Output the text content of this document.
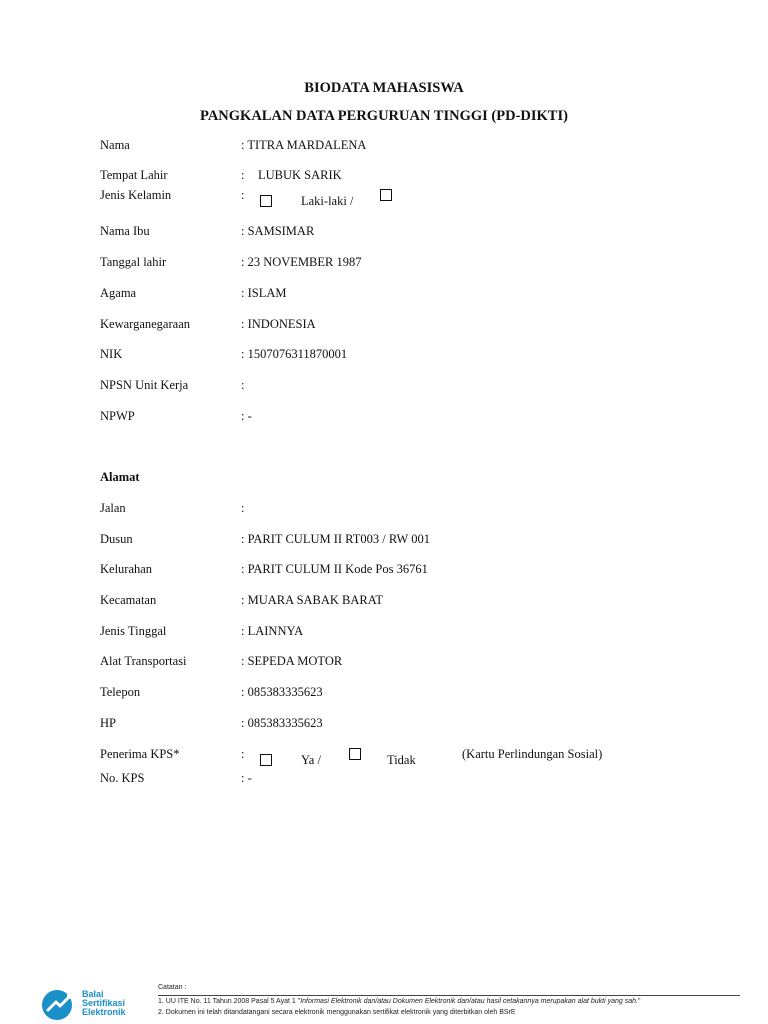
BIODATA MAHASISWA
PANGKALAN DATA PERGURUAN TINGGI (PD-DIKTI)
Nama	: TITRA MARDALENA
Tempat Lahir	: LUBUK SARIK
Jenis Kelamin	:	Laki-laki /
Nama Ibu	: SAMSIMAR
Tanggal lahir	: 23 NOVEMBER 1987
Agama	: ISLAM
Kewarganegaraan	: INDONESIA
NIK	: 1507076311870001
NPSN Unit Kerja	:
NPWP	: -
Alamat
Jalan	:
Dusun	: PARIT CULUM II RT003 / RW 001
Kelurahan	: PARIT CULUM II Kode Pos 36761
Kecamatan	: MUARA SABAK BARAT
Jenis Tinggal	: LAINNYA
Alat Transportasi	: SEPEDA MOTOR
Telepon	: 085383335623
HP	: 085383335623
Penerima KPS*	:	Ya /	Tidak	(Kartu Perlindungan Sosial)
No. KPS	: -
Balai
Sertifikasi
Elektronik
Catatan :
1. UU ITE No. 11 Tahun 2008 Pasal 5 Ayat 1 "Informasi Elektronik dan/atau Dokumen Elektronik dan/atau hasil cetakannya merupakan alat bukti yang sah."
2. Dokumen ini telah ditandatangani secara elektronik menggunakan sertifikat elektronik yang diterbitkan oleh BSrE
